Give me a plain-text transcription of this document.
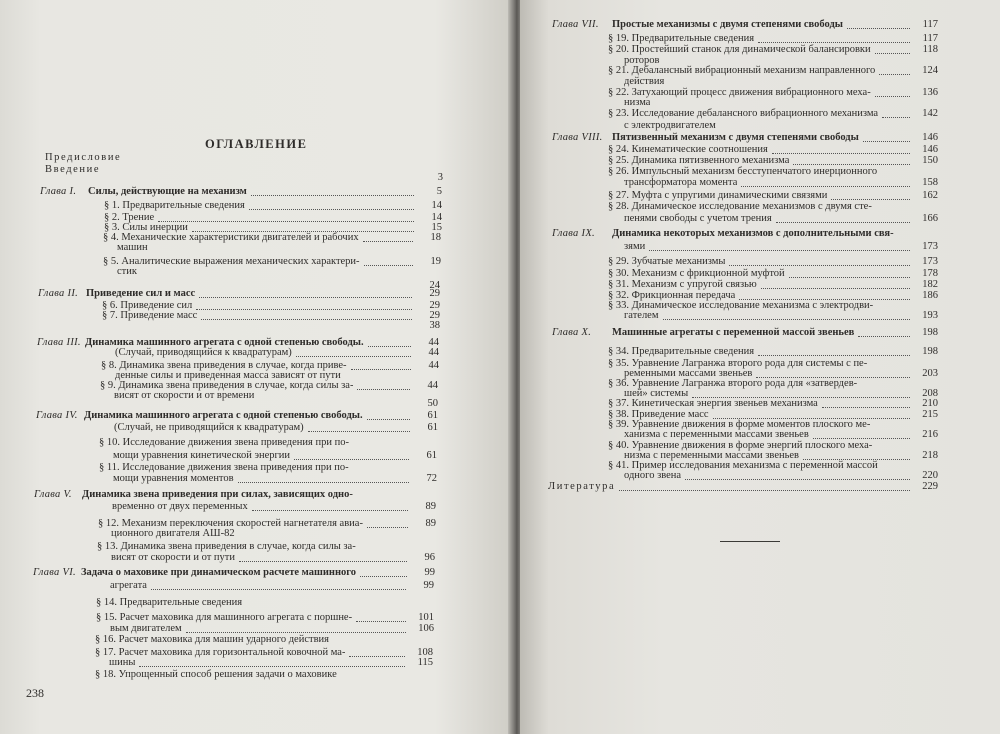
ОГЛАВЛЕНИЕ
Предисловие
Введение
3
Глава I. Силы, действующие на механизм	5
§ 1. Предварительные сведения	14
§ 2. Трение	14
§ 3. Силы инерции	15
§ 4. Механические характеристики двигателей и рабочих	18
машин
§ 5. Аналитические выражения механических характери-	19
стик
24
Глава II. Приведение сил и масс	29
§ 6. Приведение сил	29
§ 7. Приведение масс	29
38
Глава III. Динамика машинного агрегата с одной степенью свободы.	44
(Случай, приводящийся к квадратурам)	44
§ 8. Динамика звена приведения в случае, когда приве-	44
денные силы и приведенная масса зависят от пути
§ 9. Динамика звена приведения в случае, когда силы за-	44
висят от скорости и от времени
50
Глава IV. Динамика машинного агрегата с одной степенью свободы.	61
(Случай, не приводящийся к квадратурам)	61
§ 10. Исследование движения звена приведения при по-
мощи уравнения кинетической энергии	61
§ 11. Исследование движения звена приведения при по-
мощи уравнения моментов	72
Глава V. Динамика звена приведения при силах, зависящих одно-
временно от двух переменных	89
§ 12. Механизм переключения скоростей нагнетателя авиа-	89
ционного двигателя АШ-82
§ 13. Динамика звена приведения в случае, когда силы за-
висят от скорости и от пути	96
Глава VI. Задача о маховике при динамическом расчете машинного	99
агрегата	99
§ 14. Предварительные сведения
§ 15. Расчет маховика для машинного агрегата с поршне-	101
вым двигателем	106
§ 16. Расчет маховика для машин ударного действия
§ 17. Расчет маховика для горизонтальной ковочной ма-	108
шины	115
§ 18. Упрощенный способ решения задачи о маховике
238
Глава VII. Простые механизмы с двумя степенями свободы	117
§ 19. Предварительные сведения	117
§ 20. Простейший станок для динамической балансировки	118
роторов
§ 21. Дебалансный вибрационный механизм направленного	124
действия
§ 22. Затухающий процесс движения вибрационного меха-	136
низма
§ 23. Исследование дебалансного вибрационного механизма	142
с электродвигателем
Глава VIII. Пятизвенный механизм с двумя степенями свободы	146
§ 24. Кинематические соотношения	146
§ 25. Динамика пятизвенного механизма	150
§ 26. Импульсный механизм бесступенчатого инерционного
трансформатора момента	158
§ 27. Муфта с упругими динамическими связями	162
§ 28. Динамическое исследование механизмов с двумя сте-
пенями свободы с учетом трения	166
Глава IX. Динамика некоторых механизмов с дополнительными свя-
зями	173
§ 29. Зубчатые механизмы	173
§ 30. Механизм с фрикционной муфтой	178
§ 31. Механизм с упругой связью	182
§ 32. Фрикционная передача	186
§ 33. Динамическое исследование механизма с электродви-
гателем	193
Глава X. Машинные агрегаты с переменной массой звеньев	198
§ 34. Предварительные сведения	198
§ 35. Уравнение Лагранжа второго рода для системы с пе-
ременными массами звеньев	203
§ 36. Уравнение Лагранжа второго рода для «затвердев-
шей» системы	208
§ 37. Кинетическая энергия звеньев механизма	210
§ 38. Приведение масс	215
§ 39. Уравнение движения в форме моментов плоского ме-
ханизма с переменными массами звеньев	216
§ 40. Уравнение движения в форме энергий плоского меха-
низма с переменными массами звеньев	218
§ 41. Пример исследования механизма с переменной массой
одного звена	220
Литература	229
